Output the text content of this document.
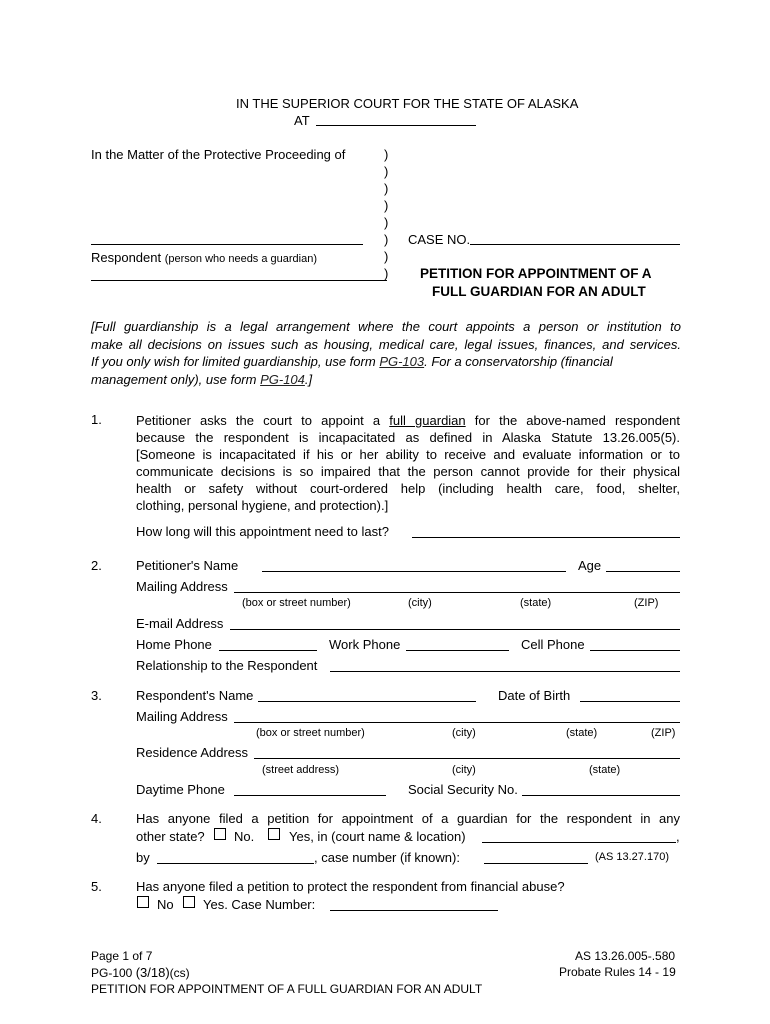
IN THE SUPERIOR COURT FOR THE STATE OF ALASKA
AT
In the Matter of the Protective Proceeding of	)
)
)
)
)
)
)
)
Respondent (person who needs a guardian)
CASE NO.
PETITION FOR APPOINTMENT OF A
FULL GUARDIAN FOR AN ADULT
[Full guardianship is a legal arrangement where the court appoints a person or institution to
make all decisions on issues such as housing, medical care, legal issues, finances, and services.
If you only wish for limited guardianship, use form PG-103. For a conservatorship (financial
management only), use form PG-104.]
1.	Petitioner asks the court to appoint a full guardian for the above-named respondent
because the respondent is incapacitated as defined in Alaska Statute 13.26.005(5).
[Someone is incapacitated if his or her ability to receive and evaluate information or to
communicate decisions is so impaired that the person cannot provide for their physical
health or safety without court-ordered help (including health care, food, shelter,
clothing, personal hygiene, and protection).]
How long will this appointment need to last?
2.	Petitioner's Name	Age
Mailing Address
(box or street number)	(city)	(state)	(ZIP)
E-mail Address
Home Phone	Work Phone	Cell Phone
Relationship to the Respondent
3.	Respondent's Name	Date of Birth
Mailing Address
(box or street number)	(city)	(state)	(ZIP)
Residence Address
(street address)	(city)	(state)
Daytime Phone	Social Security No.
4.	Has anyone filed a petition for appointment of a guardian for the respondent in any
other state? No.	Yes, in (court name & location)	,
by	, case number (if known):	(AS 13.27.170)
5.	Has anyone filed a petition to protect the respondent from financial abuse?
No Yes. Case Number:
Page 1 of 7
PG-100 (3/18)(cs)
PETITION FOR APPOINTMENT OF A FULL GUARDIAN FOR AN ADULT
AS 13.26.005-.580
Probate Rules 14 - 19
